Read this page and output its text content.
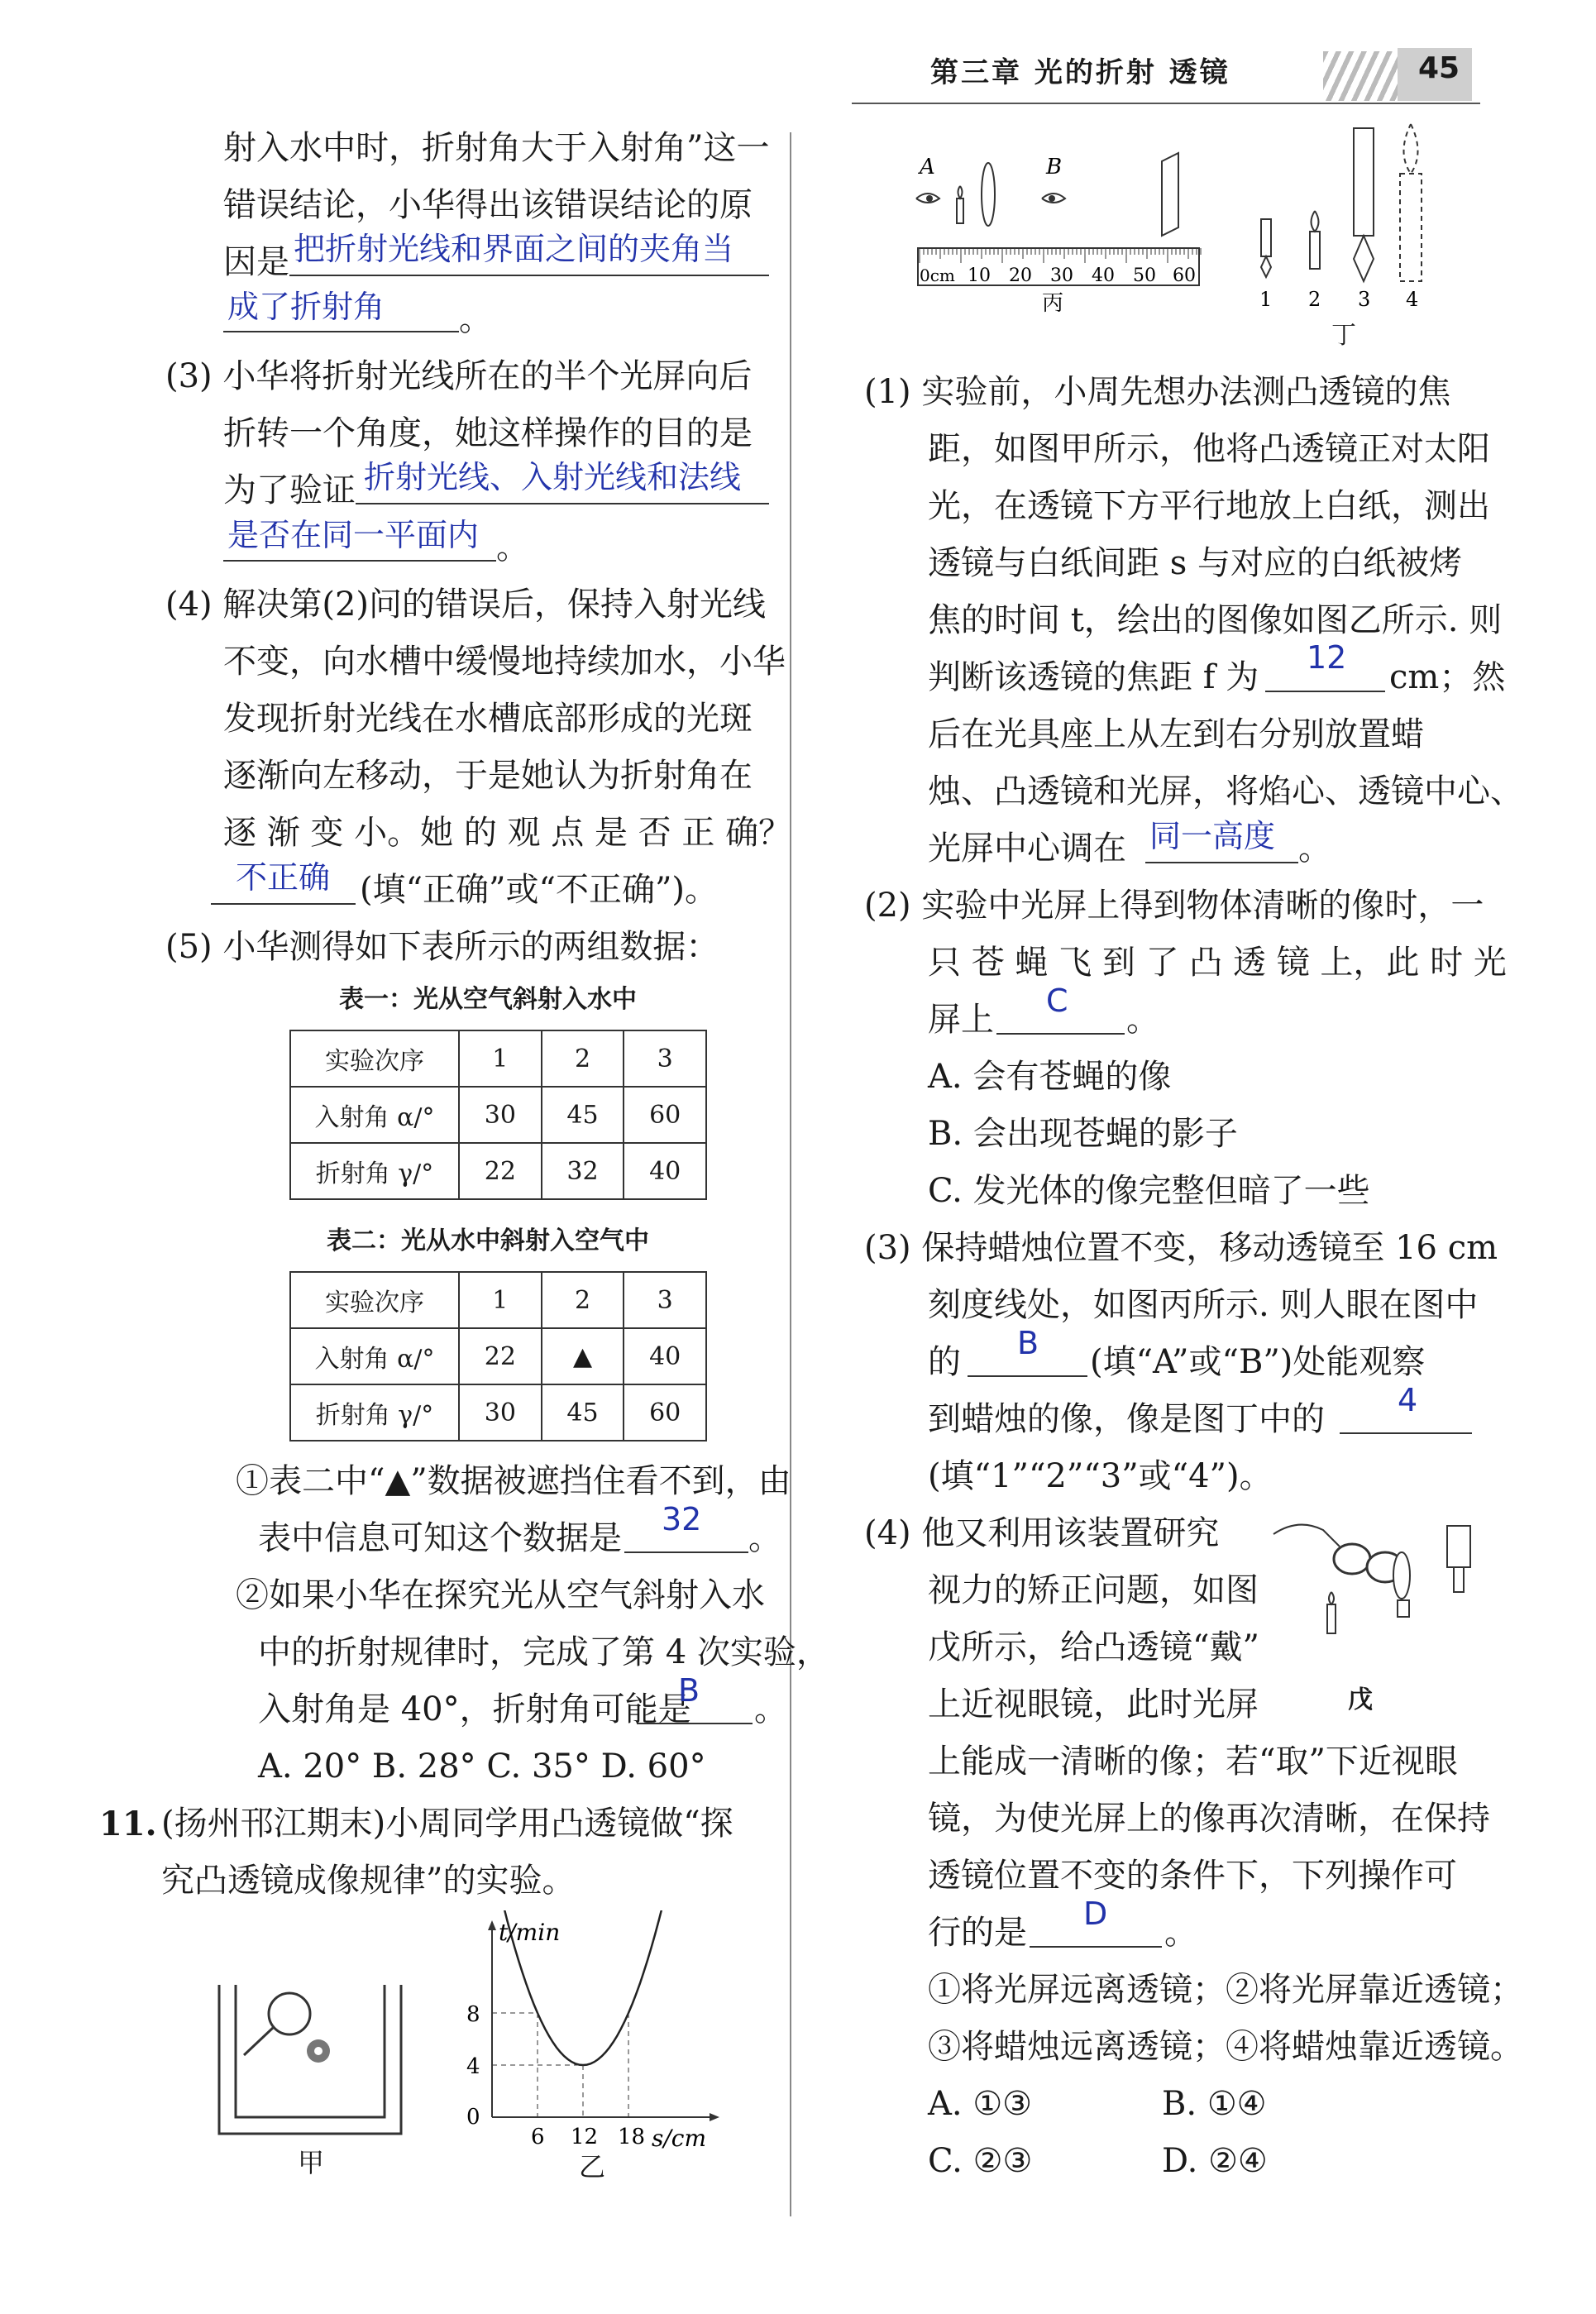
第三章 光的折射 透镜	45
射入水中时，折射角大于入射角”这一
错误结论，小华得出该错误结论的原
因是 把折射光线和界面之间的夹角当
成了折射角 。
(3) 小华将折射光线所在的半个光屏向后
折转一个角度，她这样操作的目的是
为了验证 折射光线、入射光线和法线
是否在同一平面内 。
(4) 解决第(2)问的错误后，保持入射光线
不变，向水槽中缓慢地持续加水，小华
发现折射光线在水槽底部形成的光斑
逐渐向左移动，于是她认为折射角在
逐 渐 变 小。她 的 观 点 是 否 正 确？
不正确 (填“正确”或“不正确”)。
(5) 小华测得如下表所示的两组数据：
表一：光从空气斜射入水中
实验次序	1	2	3
入射角 α/°	30	45	60
折射角 γ/°	22	32	40
表二：光从水中斜射入空气中
实验次序	1	2	3
入射角 α/°	22	▲	40
折射角 γ/°	30	45	60
①表二中“▲”数据被遮挡住看不到，由
表中信息可知这个数据是 32 。
②如果小华在探究光从空气斜射入水
中的折射规律时，完成了第 4 次实验，
入射角是 40°，折射角可能是
B 。
A. 20° B. 28° C. 35° D. 60°
11. (扬州邗江期末)小周同学用凸透镜做“探
究凸透镜成像规律”的实验。
甲
t/min
s/cm
8
4
0
6 12 18
乙
A	B
0cm 10 20 30 40 50 60
丙	1 2 3 4
丁
(1) 实验前，小周先想办法测凸透镜的焦
距，如图甲所示，他将凸透镜正对太阳
光，在透镜下方平行地放上白纸，测出
透镜与白纸间距 s 与对应的白纸被烤
焦的时间 t，绘出的图像如图乙所示. 则
判断该透镜的焦距 f 为
12
cm；然
后在光具座上从左到右分别放置蜡
烛、凸透镜和光屏，将焰心、透镜中心、
光屏中心调在 同一高度 。
(2) 实验中光屏上得到物体清晰的像时，一
只 苍 蝇 飞 到 了 凸 透 镜 上，此 时 光
屏上 C 。
A. 会有苍蝇的像
B. 会出现苍蝇的影子
C. 发光体的像完整但暗了一些
(3) 保持蜡烛位置不变，移动透镜至 16 cm
刻度线处，如图丙所示. 则人眼在图中
的 B (填“A”或“B”)处能观察
到蜡烛的像，像是图丁中的 4
(填“1”“2”“3”或“4”)。
(4) 他又利用该装置研究
视力的矫正问题，如图
戊所示，给凸透镜“戴”
上近视眼镜，此时光屏	戊
上能成一清晰的像；若“取”下近视眼
镜，为使光屏上的像再次清晰，在保持
透镜位置不变的条件下，下列操作可
行的是 D 。
①将光屏远离透镜；②将光屏靠近透镜；
③将蜡烛远离透镜；④将蜡烛靠近透镜。
A. ①③	B. ①④
C. ②③	D. ②④
